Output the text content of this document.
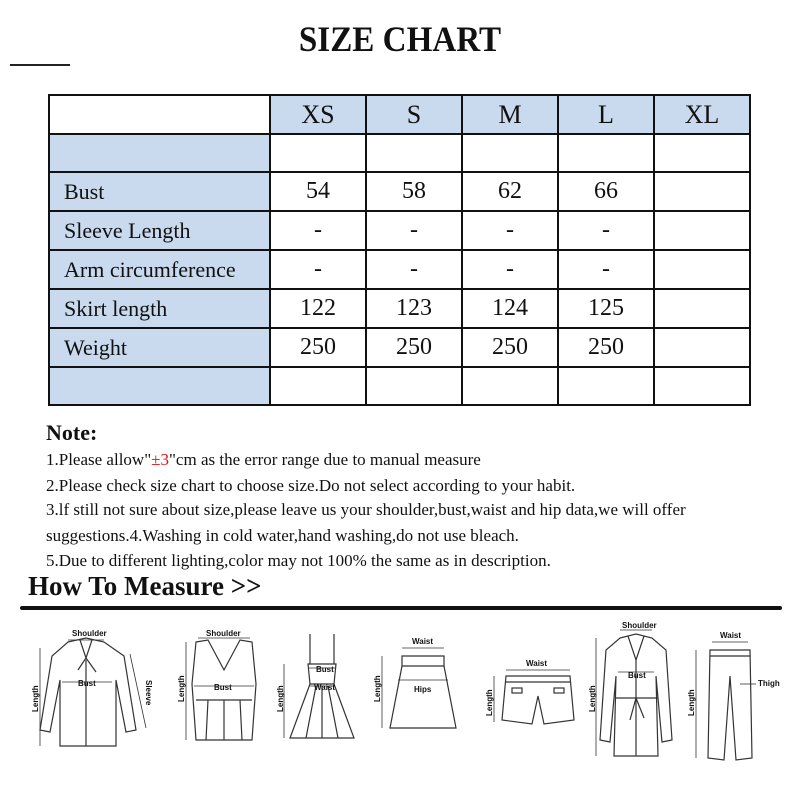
SIZE CHART
	XS	S	M	L	XL

Bust	54	58	62	66	
Sleeve Length	-	-	-	-	
Arm circumference	-	-	-	-	
Skirt length	122	123	124	125	
Weight	250	250	250	250	

Note:
1.Please allow"±3"cm as the error range due to manual measure
2.Please check size chart to choose size.Do not select according to your habit.
3.lf still not sure about size,please leave us your shoulder,bust,waist and hip data,we will offer
suggestions.4.Washing in cold water,hand washing,do not use bleach.
5.Due to different lighting,color may not 100% the same as in description.
How To Measure >>
Shoulder
Bust
Length	Sleeve
Shoulder
Bust
Length
Bust
Waist
Length
Waist
Hips
Length
Waist
Length
Shoulder
Bust
Length
Waist
Thigh
Length
